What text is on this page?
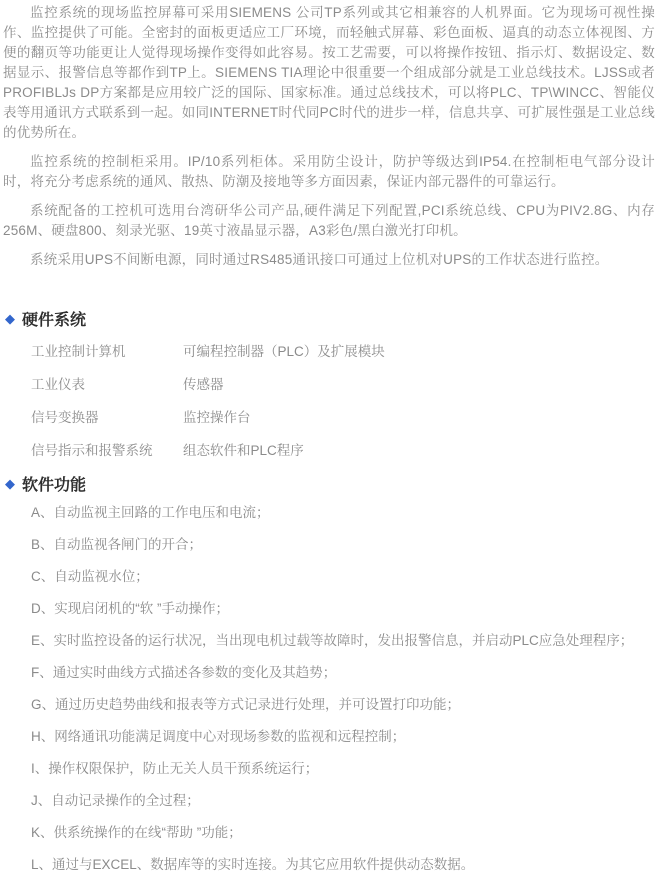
监控系统的现场监控屏幕可采用SIEMENS 公司TP系列或其它相兼容的人机界面。它为现场可视性操作、监控提供了可能。全密封的面板更适应工厂环境，而轻触式屏幕、彩色面板、逼真的动态立体视图、方便的翻页等功能更让人觉得现场操作变得如此容易。按工艺需要，可以将操作按钮、指示灯、数据设定、数据显示、报警信息等都作到TP上。SIEMENS TIA理论中很重要一个组成部分就是工业总线技术。LJSS或者PROFIBLJs DP方案都是应用较广泛的国际、国家标准。通过总线技术，可以将PLC、TP\WINCC、智能仪表等用通讯方式联系到一起。如同INTERNET时代同PC时代的进步一样，信息共享、可扩展性强是工业总线的优势所在。

监控系统的控制柜采用。IP/10系列柜体。采用防尘设计，防护等级达到IP54.在控制柜电气部分设计时，将充分考虑系统的通风、散热、防潮及接地等多方面因素，保证内部元器件的可靠运行。

系统配备的工控机可选用台湾研华公司产品,硬件满足下列配置,PCI系统总线、CPU为PIV2.8G、内存256M、硬盘800、刻录光驱、19英寸液晶显示器，A3彩色/黑白激光打印机。

系统采用UPS不间断电源，同时通过RS485通讯接口可通过上位机对UPS的工作状态进行监控。

◆ 硬件系统
工业控制计算机	可编程控制器（PLC）及扩展模块
工业仪表	传感器
信号变换器	监控操作台
信号指示和报警系统	组态软件和PLC程序
◆ 软件功能
A、自动监视主回路的工作电压和电流；
B、自动监视各闸门的开合；
C、自动监视水位；
D、实现启闭机的“软 ”手动操作；
E、实时监控设备的运行状况，当出现电机过载等故障时，发出报警信息，并启动PLC应急处理程序；
F、通过实时曲线方式描述各参数的变化及其趋势；
G、通过历史趋势曲线和报表等方式记录进行处理，并可设置打印功能；
H、网络通讯功能满足调度中心对现场参数的监视和远程控制；
I、操作权限保护，防止无关人员干预系统运行；
J、自动记录操作的全过程；
K、供系统操作的在线“帮助 ”功能；
L、通过与EXCEL、数据库等的实时连接。为其它应用软件提供动态数据。
